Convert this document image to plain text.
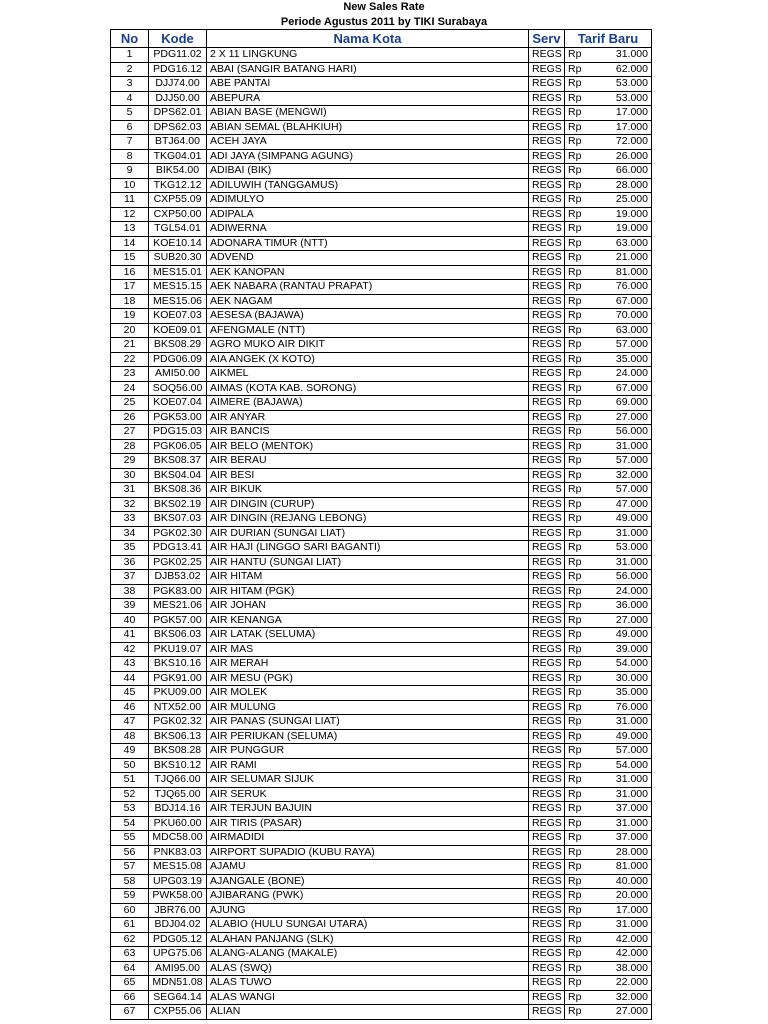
New Sales Rate
Periode Agustus 2011 by TIKI Surabaya
No	Kode	Nama Kota	Serv	Tarif Baru	
1	PDG11.02	2 X 11 LINGKUNG	REGS	Rp	31.000
2	PDG16.12	ABAI (SANGIR BATANG HARI)	REGS	Rp	62.000
3	DJJ74.00	ABE PANTAI	REGS	Rp	53.000
4	DJJ50.00	ABEPURA	REGS	Rp	53.000
5	DPS62.01	ABIAN BASE (MENGWI)	REGS	Rp	17.000
6	DPS62.03	ABIAN SEMAL (BLAHKIUH)	REGS	Rp	17.000
7	BTJ64.00	ACEH JAYA	REGS	Rp	72.000
8	TKG04.01	ADI JAYA (SIMPANG AGUNG)	REGS	Rp	26.000
9	BIK54.00	ADIBAI (BIK)	REGS	Rp	66.000
10	TKG12.12	ADILUWIH (TANGGAMUS)	REGS	Rp	28.000
11	CXP55.09	ADIMULYO	REGS	Rp	25.000
12	CXP50.00	ADIPALA	REGS	Rp	19.000
13	TGL54.01	ADIWERNA	REGS	Rp	19.000
14	KOE10.14	ADONARA TIMUR (NTT)	REGS	Rp	63.000
15	SUB20.30	ADVEND	REGS	Rp	21.000
16	MES15.01	AEK KANOPAN	REGS	Rp	81.000
17	MES15.15	AEK NABARA (RANTAU PRAPAT)	REGS	Rp	76.000
18	MES15.06	AEK NAGAM	REGS	Rp	67.000
19	KOE07.03	AESESA (BAJAWA)	REGS	Rp	70.000
20	KOE09.01	AFENGMALE (NTT)	REGS	Rp	63.000
21	BKS08.29	AGRO MUKO AIR DIKIT	REGS	Rp	57.000
22	PDG06.09	AIA ANGEK (X KOTO)	REGS	Rp	35.000
23	AMI50.00	AIKMEL	REGS	Rp	24.000
24	SOQ56.00	AIMAS (KOTA KAB. SORONG)	REGS	Rp	67.000
25	KOE07.04	AIMERE (BAJAWA)	REGS	Rp	69.000
26	PGK53.00	AIR ANYAR	REGS	Rp	27.000
27	PDG15.03	AIR BANCIS	REGS	Rp	56.000
28	PGK06.05	AIR BELO (MENTOK)	REGS	Rp	31.000
29	BKS08.37	AIR BERAU	REGS	Rp	57.000
30	BKS04.04	AIR BESI	REGS	Rp	32.000
31	BKS08.36	AIR BIKUK	REGS	Rp	57.000
32	BKS02.19	AIR DINGIN (CURUP)	REGS	Rp	47.000
33	BKS07.03	AIR DINGIN (REJANG LEBONG)	REGS	Rp	49.000
34	PGK02.30	AIR DURIAN (SUNGAI LIAT)	REGS	Rp	31.000
35	PDG13.41	AIR HAJI (LINGGO SARI BAGANTI)	REGS	Rp	53.000
36	PGK02.25	AIR HANTU (SUNGAI LIAT)	REGS	Rp	31.000
37	DJB53.02	AIR HITAM	REGS	Rp	56.000
38	PGK83.00	AIR HITAM (PGK)	REGS	Rp	24.000
39	MES21.06	AIR JOHAN	REGS	Rp	36.000
40	PGK57.00	AIR KENANGA	REGS	Rp	27.000
41	BKS06.03	AIR LATAK (SELUMA)	REGS	Rp	49.000
42	PKU19.07	AIR MAS	REGS	Rp	39.000
43	BKS10.16	AIR MERAH	REGS	Rp	54.000
44	PGK91.00	AIR MESU (PGK)	REGS	Rp	30.000
45	PKU09.00	AIR MOLEK	REGS	Rp	35.000
46	NTX52.00	AIR MULUNG	REGS	Rp	76.000
47	PGK02.32	AIR PANAS (SUNGAI LIAT)	REGS	Rp	31.000
48	BKS06.13	AIR PERIUKAN (SELUMA)	REGS	Rp	49.000
49	BKS08.28	AIR PUNGGUR	REGS	Rp	57.000
50	BKS10.12	AIR RAMI	REGS	Rp	54.000
51	TJQ66.00	AIR SELUMAR SIJUK	REGS	Rp	31.000
52	TJQ65.00	AIR SERUK	REGS	Rp	31.000
53	BDJ14.16	AIR TERJUN BAJUIN	REGS	Rp	37.000
54	PKU60.00	AIR TIRIS (PASAR)	REGS	Rp	31.000
55	MDC58.00	AIRMADIDI	REGS	Rp	37.000
56	PNK83.03	AIRPORT SUPADIO (KUBU RAYA)	REGS	Rp	28.000
57	MES15.08	AJAMU	REGS	Rp	81.000
58	UPG03.19	AJANGALE (BONE)	REGS	Rp	40.000
59	PWK58.00	AJIBARANG (PWK)	REGS	Rp	20.000
60	JBR76.00	AJUNG	REGS	Rp	17.000
61	BDJ04.02	ALABIO (HULU SUNGAI UTARA)	REGS	Rp	31.000
62	PDG05.12	ALAHAN PANJANG (SLK)	REGS	Rp	42.000
63	UPG75.06	ALANG-ALANG (MAKALE)	REGS	Rp	42.000
64	AMI95.00	ALAS (SWQ)	REGS	Rp	38.000
65	MDN51.08	ALAS TUWO	REGS	Rp	22.000
66	SEG64.14	ALAS WANGI	REGS	Rp	32.000
67	CXP55.06	ALIAN	REGS	Rp	27.000
